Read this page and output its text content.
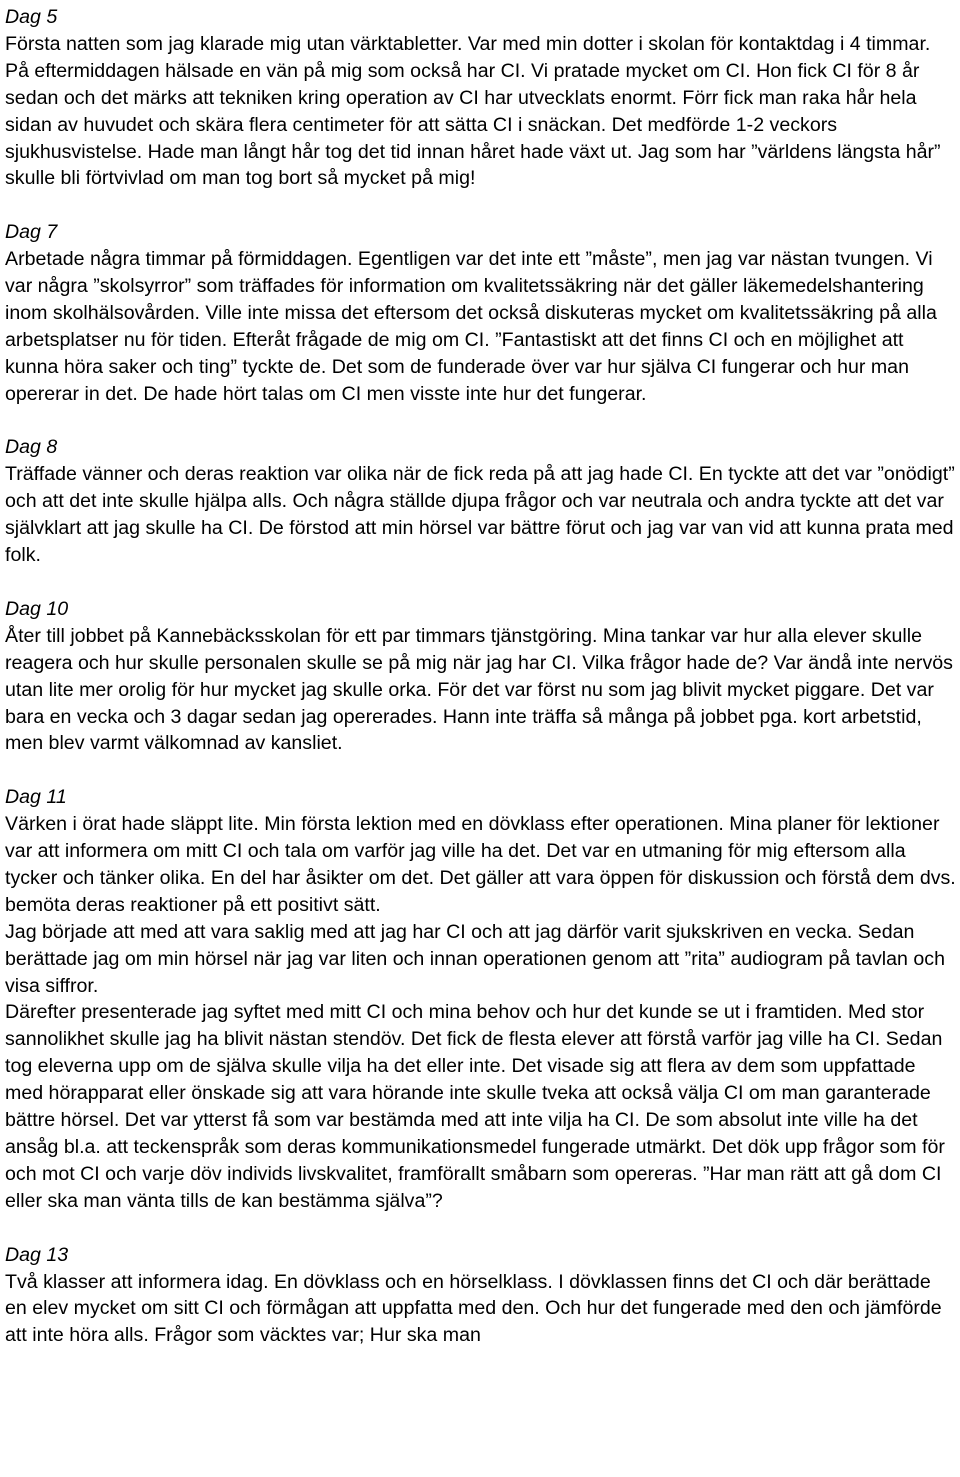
Dag 5
Första natten som jag klarade mig utan värktabletter. Var med min dotter i skolan för kontaktdag i 4 timmar. På eftermiddagen hälsade en vän på mig som också har CI. Vi pratade mycket om CI. Hon fick CI för 8 år sedan och det märks att tekniken kring operation av CI har utvecklats enormt. Förr fick man raka hår hela sidan av huvudet och skära flera centimeter för att sätta CI i snäckan. Det medförde 1-2 veckors sjukhusvistelse. Hade man långt hår tog det tid innan håret hade växt ut. Jag som har ”världens längsta hår” skulle bli förtvivlad om man tog bort så mycket på mig!
Dag 7
Arbetade några timmar på förmiddagen. Egentligen var det inte ett ”måste”, men jag var nästan tvungen. Vi var några ”skolsyrror” som träffades för information om kvalitetssäkring när det gäller läkemedelshantering inom skolhälsovården. Ville inte missa det eftersom det också diskuteras mycket om kvalitetssäkring på alla arbetsplatser nu för tiden. Efteråt frågade de mig om CI. ”Fantastiskt att det finns CI och en möjlighet att kunna höra saker och ting” tyckte de. Det som de funderade över var hur själva CI fungerar och hur man opererar in det. De hade hört talas om CI men visste inte hur det fungerar.
Dag 8
Träffade vänner och deras reaktion var olika när de fick reda på att jag hade CI. En tyckte att det var ”onödigt” och att det inte skulle hjälpa alls. Och några ställde djupa frågor och var neutrala och andra tyckte att det var självklart att jag skulle ha CI. De förstod att min hörsel var bättre förut och jag var van vid att kunna prata med folk.
Dag 10
Åter till jobbet på Kannebäcksskolan för ett par timmars tjänstgöring. Mina tankar var hur alla elever skulle reagera och hur skulle personalen skulle se på mig när jag har CI. Vilka frågor hade de? Var ändå inte nervös utan lite mer orolig för hur mycket jag skulle orka. För det var först nu som jag blivit mycket piggare. Det var bara en vecka och 3 dagar sedan jag opererades. Hann inte träffa så många på jobbet pga. kort arbetstid, men blev varmt välkomnad av kansliet.
Dag 11
Värken i örat hade släppt lite. Min första lektion med en dövklass efter operationen. Mina planer för lektioner var att informera om mitt CI och tala om varför jag ville ha det. Det var en utmaning för mig eftersom alla tycker och tänker olika. En del har åsikter om det. Det gäller att vara öppen för diskussion och förstå dem dvs. bemöta deras reaktioner på ett positivt sätt.
Jag började att med att vara saklig med att jag har CI och att jag därför varit sjukskriven en vecka. Sedan berättade jag om min hörsel när jag var liten och innan operationen genom att ”rita” audiogram på tavlan och visa siffror.
Därefter presenterade jag syftet med mitt CI och mina behov och hur det kunde se ut i framtiden. Med stor sannolikhet skulle jag ha blivit nästan stendöv. Det fick de flesta elever att förstå varför jag ville ha CI. Sedan tog eleverna upp om de själva skulle vilja ha det eller inte. Det visade sig att flera av dem som uppfattade med hörapparat eller önskade sig att vara hörande inte skulle tveka att också välja CI om man garanterade bättre hörsel. Det var ytterst få som var bestämda med att inte vilja ha CI. De som absolut inte ville ha det ansåg bl.a. att teckenspråk som deras kommunikationsmedel fungerade utmärkt. Det dök upp frågor som för och mot CI och varje döv individs livskvalitet, framförallt småbarn som opereras. ”Har man rätt att gå dom CI eller ska man vänta tills de kan bestämma själva”?
Dag 13
Två klasser att informera idag. En dövklass och en hörselklass. I dövklassen finns det CI och där berättade en elev mycket om sitt CI och förmågan att uppfatta med den. Och hur det fungerade med den och jämförde att inte höra alls. Frågor som väcktes var; Hur ska man
